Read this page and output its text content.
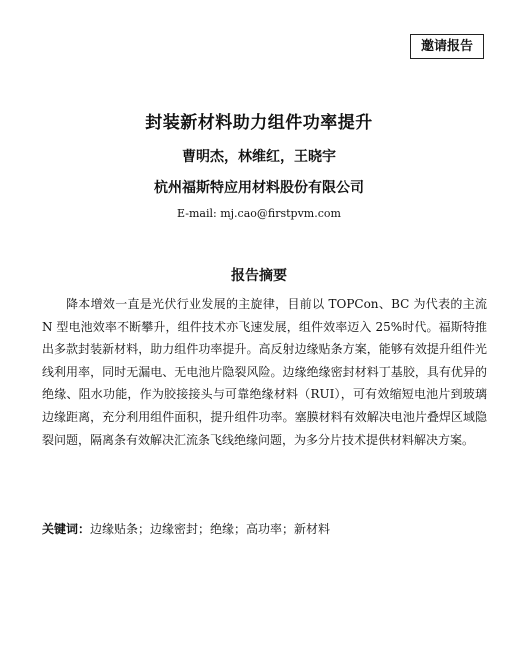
邀请报告
封装新材料助力组件功率提升
曹明杰，林维红，王晓宇
杭州福斯特应用材料股份有限公司
E-mail: mj.cao@firstpvm.com
报告摘要

降本增效一直是光伏行业发展的主旋律，目前以 TOPCon、BC 为代表的主流 N 型电池效率不断攀升，组件技术亦飞速发展，组件效率迈入 25%时代。福斯特推出多款封装新材料，助力组件功率提升。高反射边缘贴条方案，能够有效提升组件光线利用率，同时无漏电、无电池片隐裂风险。边缘绝缘密封材料丁基胶，具有优异的绝缘、阻水功能，作为胶接接头与可靠绝缘材料（RUI），可有效缩短电池片到玻璃边缘距离，充分利用组件面积，提升组件功率。塞膜材料有效解决电池片叠焊区域隐裂问题，隔离条有效解决汇流条飞线绝缘问题，为多分片技术提供材料解决方案。

关键词：边缘贴条；边缘密封；绝缘；高功率；新材料
